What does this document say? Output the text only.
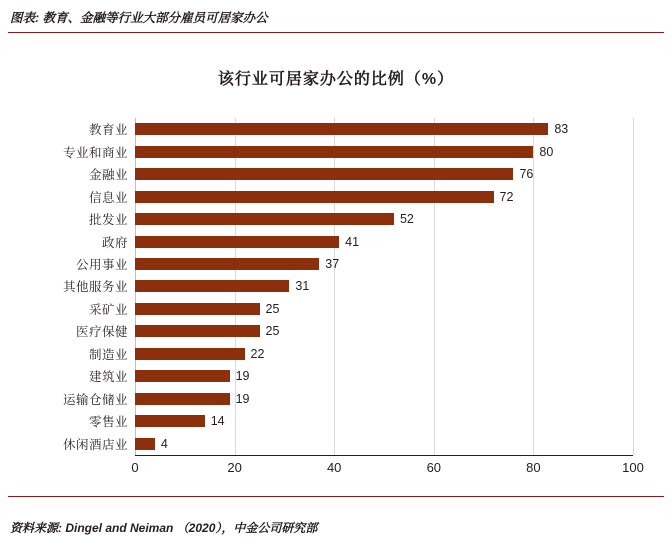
图表: 教育、金融等行业大部分雇员可居家办公
该行业可居家办公的比例（%）
教育业	83
专业和商业	80
金融业	76
信息业	72
批发业	52
政府	41
公用事业	37
其他服务业	31
采矿业	25
医疗保健	25
制造业	22
建筑业	19
运输仓储业	19
零售业	14
休闲酒店业	4
0	20	40	60	80	100
资料来源: Dingel and Neiman （2020），中金公司研究部
